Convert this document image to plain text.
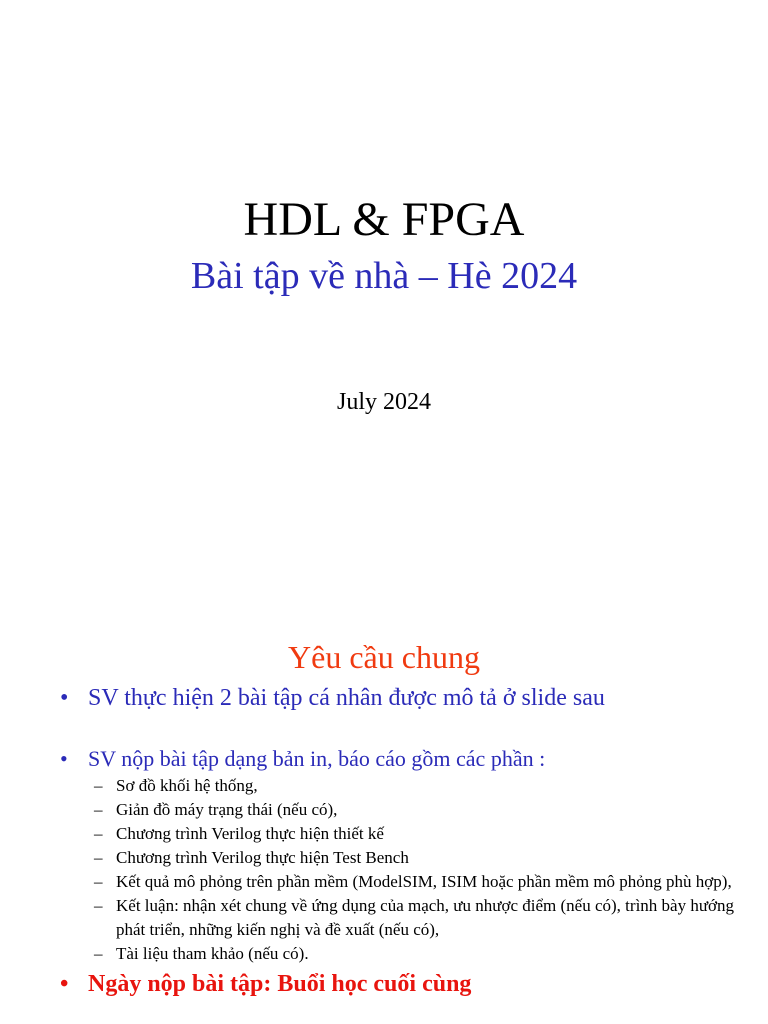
HDL & FPGA
Bài tập về nhà – Hè 2024
July 2024
Yêu cầu chung
• SV thực hiện 2 bài tập cá nhân được mô tả ở slide sau
• SV nộp bài tập dạng bản in, báo cáo gồm các phần :
– Sơ đồ khối hệ thống,
– Giản đồ máy trạng thái (nếu có),
– Chương trình Verilog thực hiện thiết kế
– Chương trình Verilog thực hiện Test Bench
– Kết quả mô phỏng trên phần mềm (ModelSIM, ISIM hoặc phần mềm mô phỏng phù hợp),
– Kết luận: nhận xét chung về ứng dụng của mạch, ưu nhược điểm (nếu có), trình bày hướng phát triển, những kiến nghị và đề xuất (nếu có),
– Tài liệu tham khảo (nếu có).
• Ngày nộp bài tập: Buổi học cuối cùng
